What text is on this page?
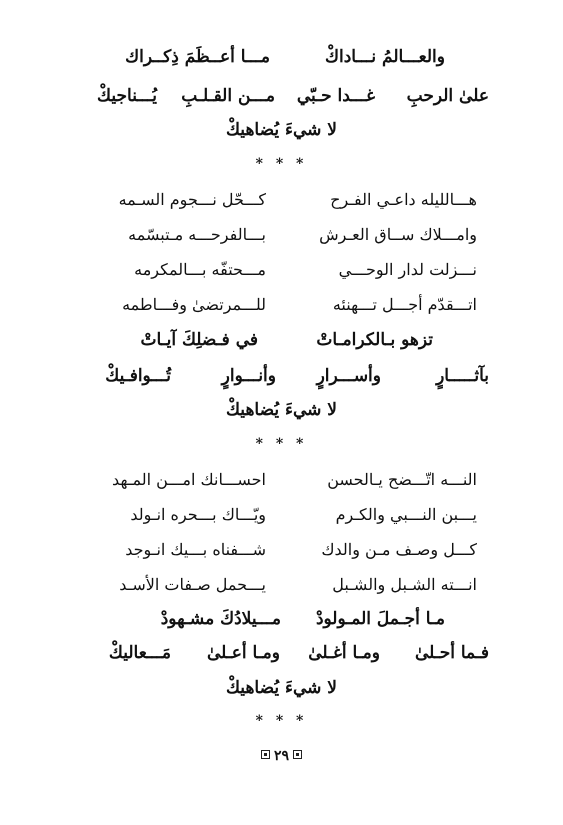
مـــا أعــظَمَ ذِكــراك	والعـــالمُ نـــاداكْ
علىٰ الرحبِ
غـــدا حـبّي
مـــن القـلـبِ
يُـــناجيكْ
لا شيءَ يُضاهيكْ
* * *
هـــالليله داعـي الفـرح
كـــحّل نـــجوم السـمه
وامـــلاك ســاق العـرش
بـــالفرحـــه مـتبسّمه
نـــزلت لدار الوحـــي
مـــحتفّه بـــالمكرمه
اتـــقدّم أجـــل تـــهنئه
للـــمرتضىٰ وفـــاطمه
في فـضلِكَ آيـاتْ	تزهو بـالكرامـاتْ
بآثـــــارٍ
وأســـرارٍ
وأنـــوارٍ
تُـــوافـيكْ
لا شيءَ يُضاهيكْ
* * *
النـــه اتّـــضح يـالحسن
احســـانك امـــن المـهد
يـــبن النـــبي والكـرم
ويّـــاك بـــحره انـولد
كـــل وصـف مـن والدك
شـــفناه بـــيك انـوجد
انـــته الشـبل والشـبل
يـــحمل صـفات الأسـد
مـــيلادُكَ مشـهودْ مـا أجـملَ المـولودْ
فـما أحـلىٰ
ومـا أغـلىٰ
ومـا أعـلىٰ
مَـــعاليكْ
لا شيءَ يُضاهيكْ
* * *
٢٩
